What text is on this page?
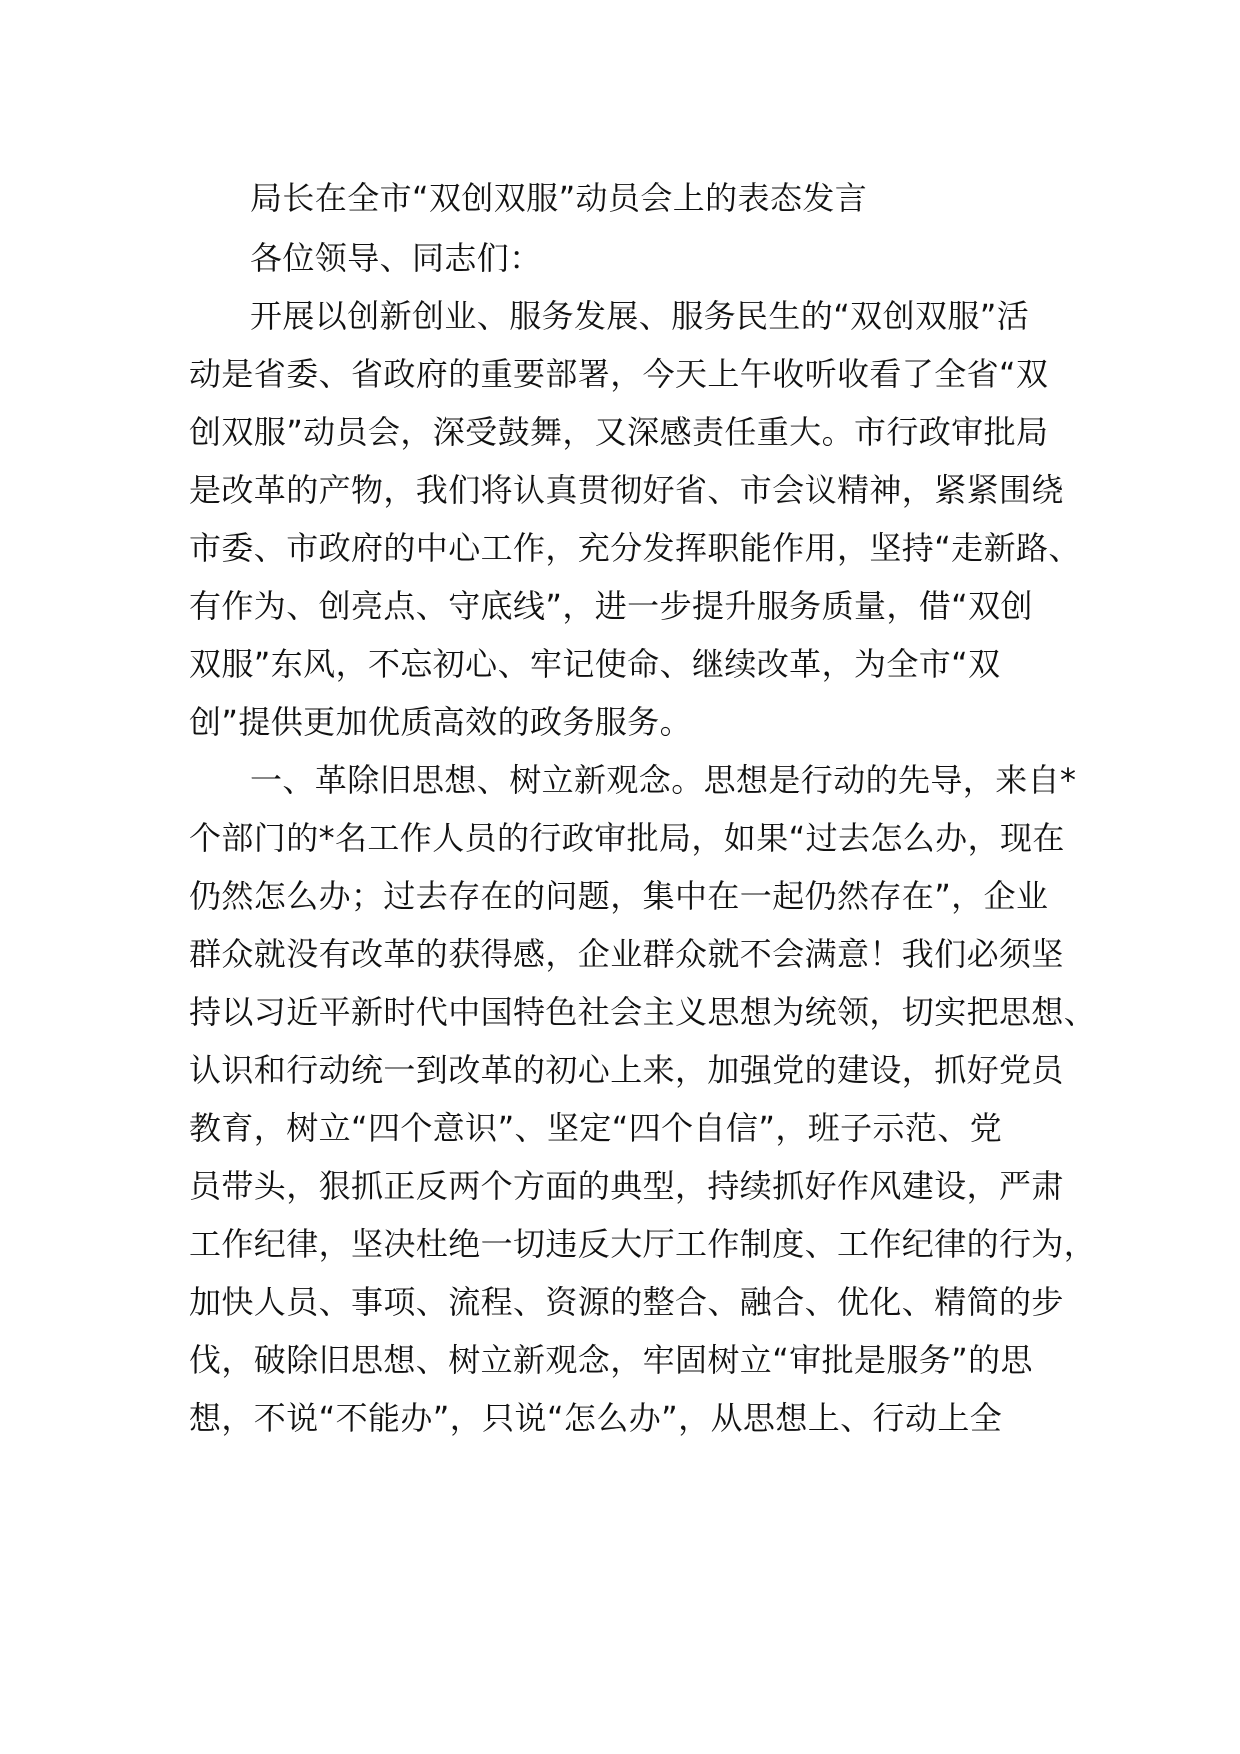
局长在全市“双创双服”动员会上的表态发言
各位领导、同志们：
开展以创新创业、服务发展、服务民生的“双创双服”活
动是省委、省政府的重要部署，今天上午收听收看了全省“双
创双服”动员会，深受鼓舞，又深感责任重大。市行政审批局
是改革的产物，我们将认真贯彻好省、市会议精神，紧紧围绕
市委、市政府的中心工作，充分发挥职能作用，坚持“走新路、
有作为、创亮点、守底线”，进一步提升服务质量，借“双创
双服”东风，不忘初心、牢记使命、继续改革，为全市“双
创”提供更加优质高效的政务服务。
一、革除旧思想、树立新观念。思想是行动的先导，来自*
个部门的*名工作人员的行政审批局，如果“过去怎么办，现在
仍然怎么办；过去存在的问题，集中在一起仍然存在”，企业
群众就没有改革的获得感，企业群众就不会满意！我们必须坚
持以习近平新时代中国特色社会主义思想为统领，切实把思想、
认识和行动统一到改革的初心上来，加强党的建设，抓好党员
教育，树立“四个意识”、坚定“四个自信”，班子示范、党
员带头，狠抓正反两个方面的典型，持续抓好作风建设，严肃
工作纪律，坚决杜绝一切违反大厅工作制度、工作纪律的行为，
加快人员、事项、流程、资源的整合、融合、优化、精简的步
伐，破除旧思想、树立新观念，牢固树立“审批是服务”的思
想，不说“不能办”，只说“怎么办”，从思想上、行动上全
